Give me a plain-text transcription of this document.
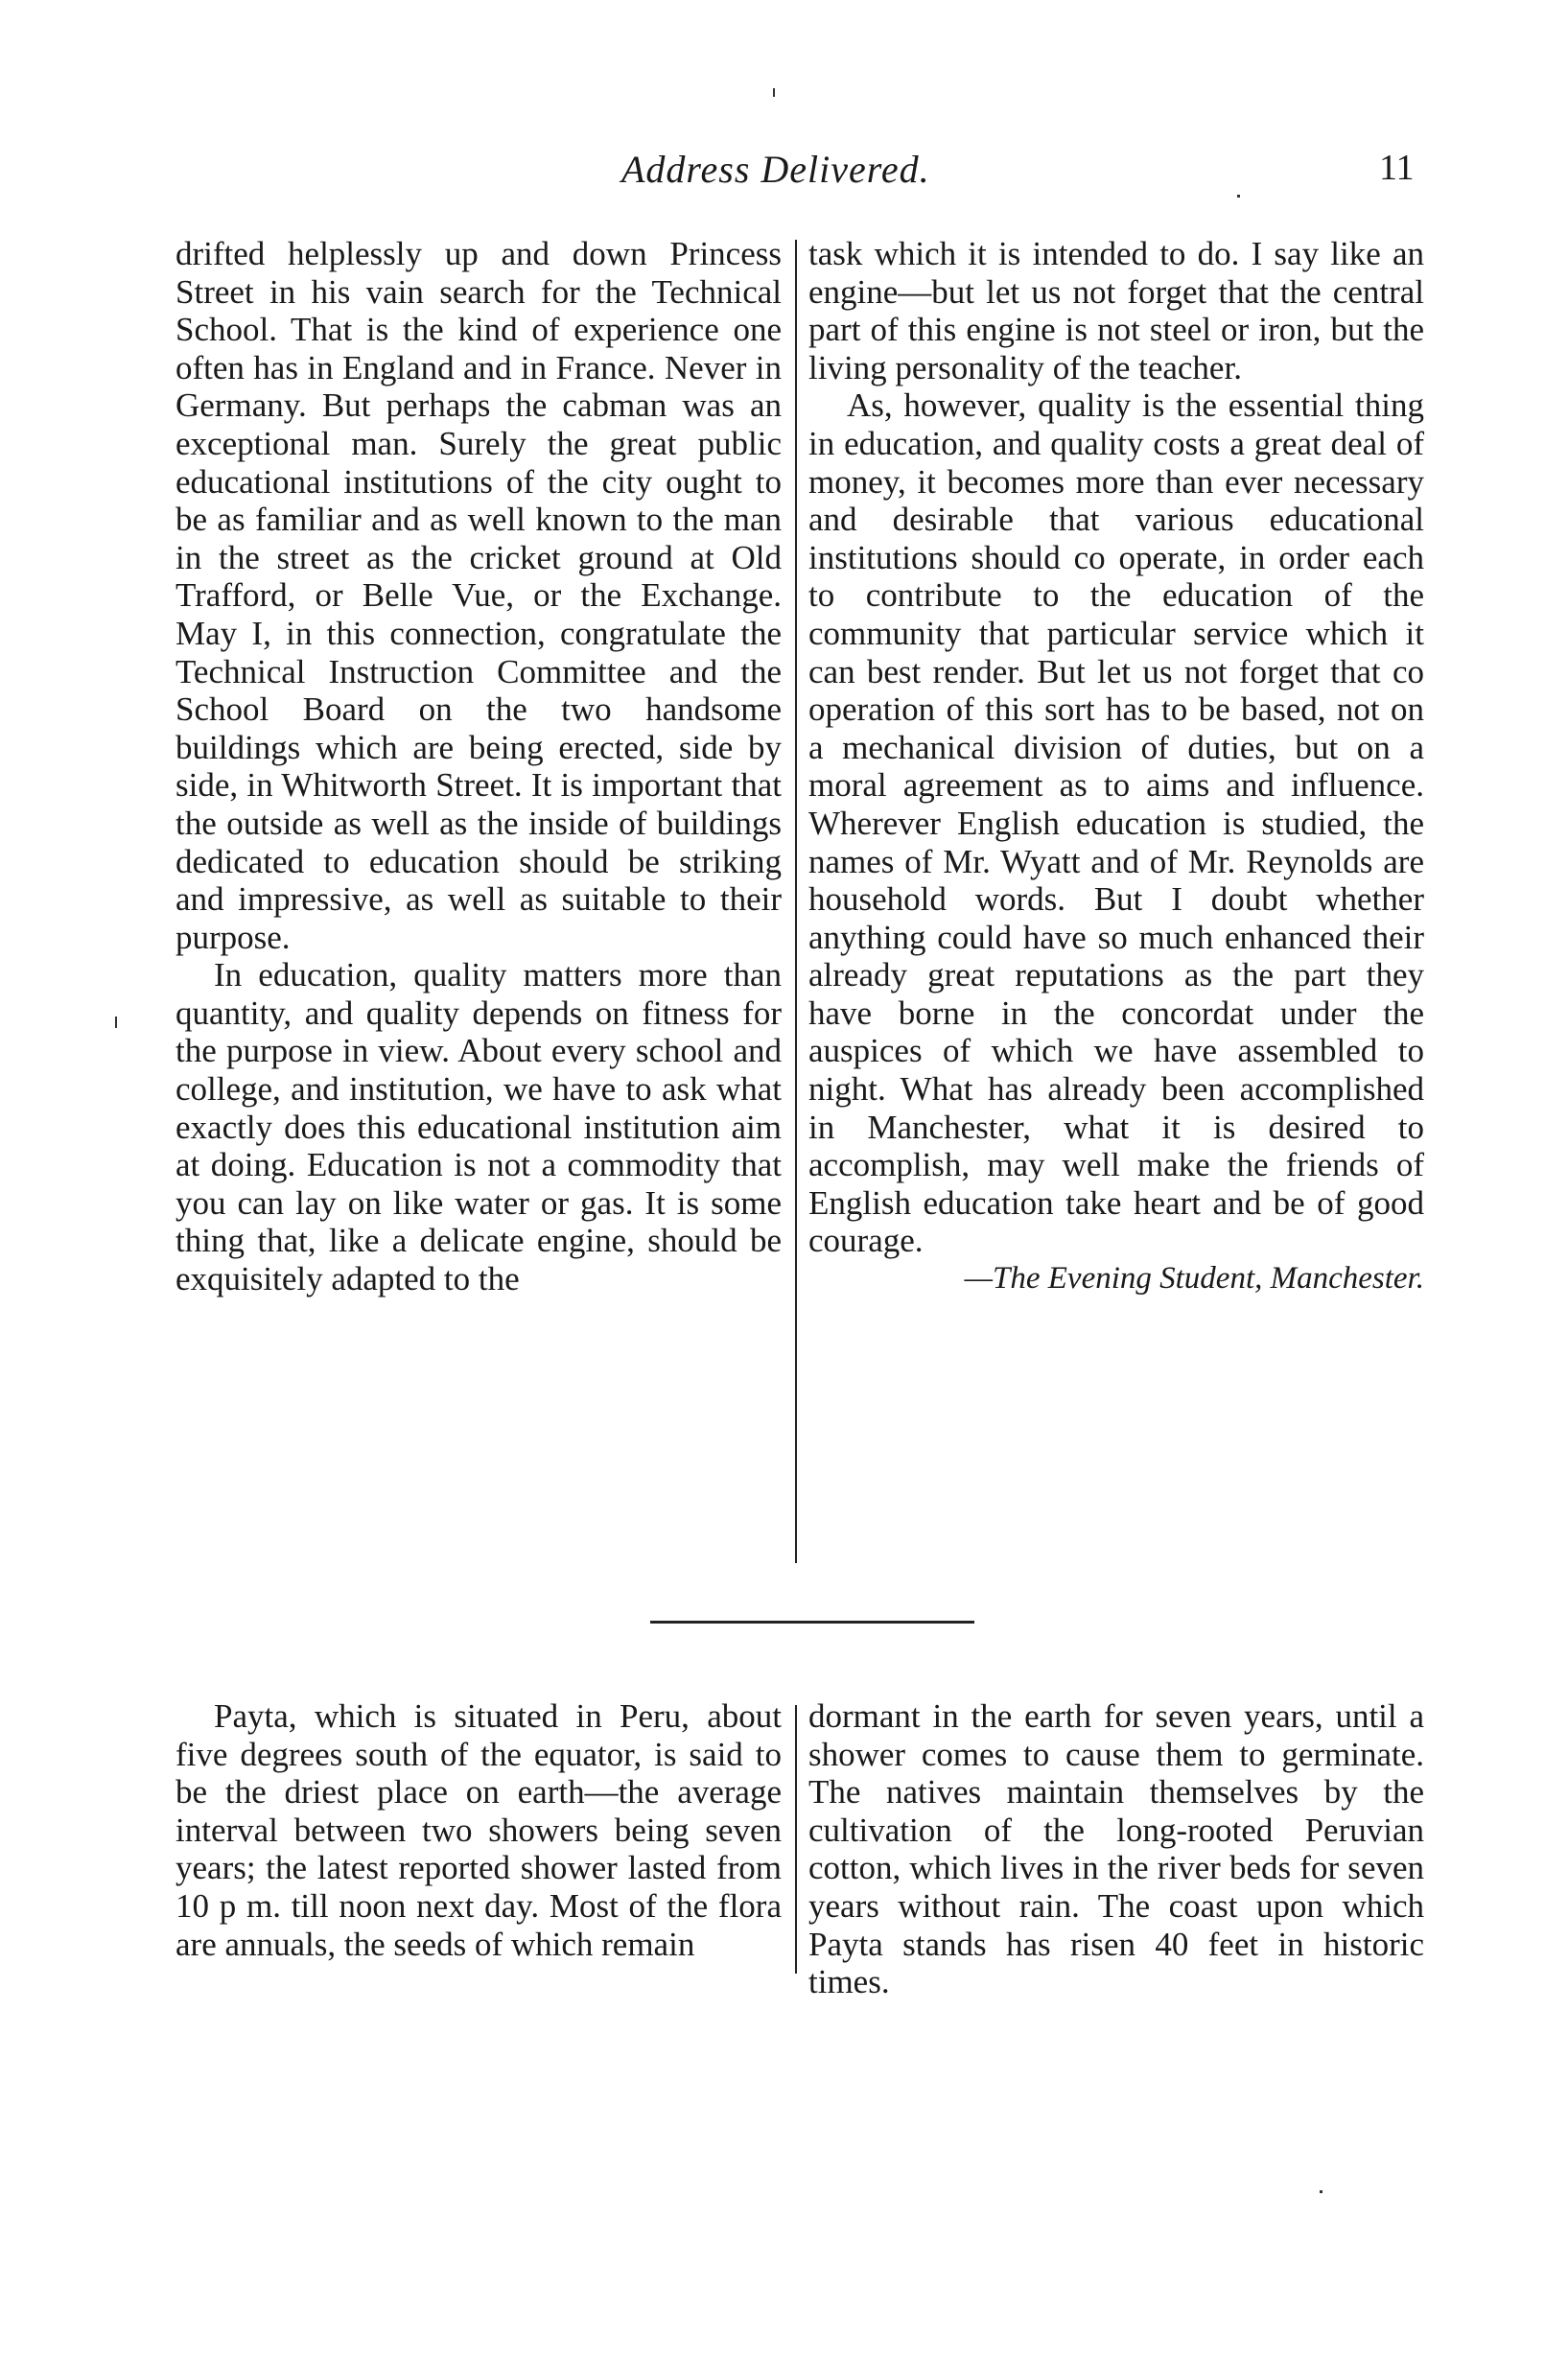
Address Delivered.	11

drifted helplessly up and down Princess Street in his vain search for the Technical School. That is the kind of experience one often has in England and in France. Never in Germany. But perhaps the cabman was an exceptional man. Surely the great public educational institutions of the city ought to be as familiar and as well known to the man in the street as the cricket ground at Old Trafford, or Belle Vue, or the Exchange. May I, in this connection, congratulate the Technical Instruction Committee and the School Board on the two handsome buildings which are being erected, side by side, in Whitworth Street. It is important that the outside as well as the inside of buildings dedicated to education should be striking and impressive, as well as suitable to their purpose.

In education, quality matters more than quantity, and quality depends on fitness for the purpose in view. About every school and college, and institution, we have to ask what exactly does this educational institution aim at doing. Education is not a commodity that you can lay on like water or gas. It is some thing that, like a delicate engine, should be exquisitely adapted to the

task which it is intended to do. I say like an engine—but let us not forget that the central part of this engine is not steel or iron, but the living personality of the teacher.

As, however, quality is the essential thing in education, and quality costs a great deal of money, it becomes more than ever necessary and desirable that various educational institutions should co operate, in order each to contribute to the education of the community that particular service which it can best render. But let us not forget that co operation of this sort has to be based, not on a mechanical division of duties, but on a moral agreement as to aims and influence. Wherever English education is studied, the names of Mr. Wyatt and of Mr. Reynolds are household words. But I doubt whether anything could have so much enhanced their already great reputations as the part they have borne in the concordat under the auspices of which we have assembled to night. What has already been accomplished in Manchester, what it is desired to accomplish, may well make the friends of English education take heart and be of good courage.

—The Evening Student, Manchester.

Payta, which is situated in Peru, about five degrees south of the equator, is said to be the driest place on earth—the average interval between two showers being seven years; the latest reported shower lasted from 10 p m. till noon next day. Most of the flora are annuals, the seeds of which remain

dormant in the earth for seven years, until a shower comes to cause them to germinate. The natives maintain themselves by the cultivation of the long-rooted Peruvian cotton, which lives in the river beds for seven years without rain. The coast upon which Payta stands has risen 40 feet in historic times.
